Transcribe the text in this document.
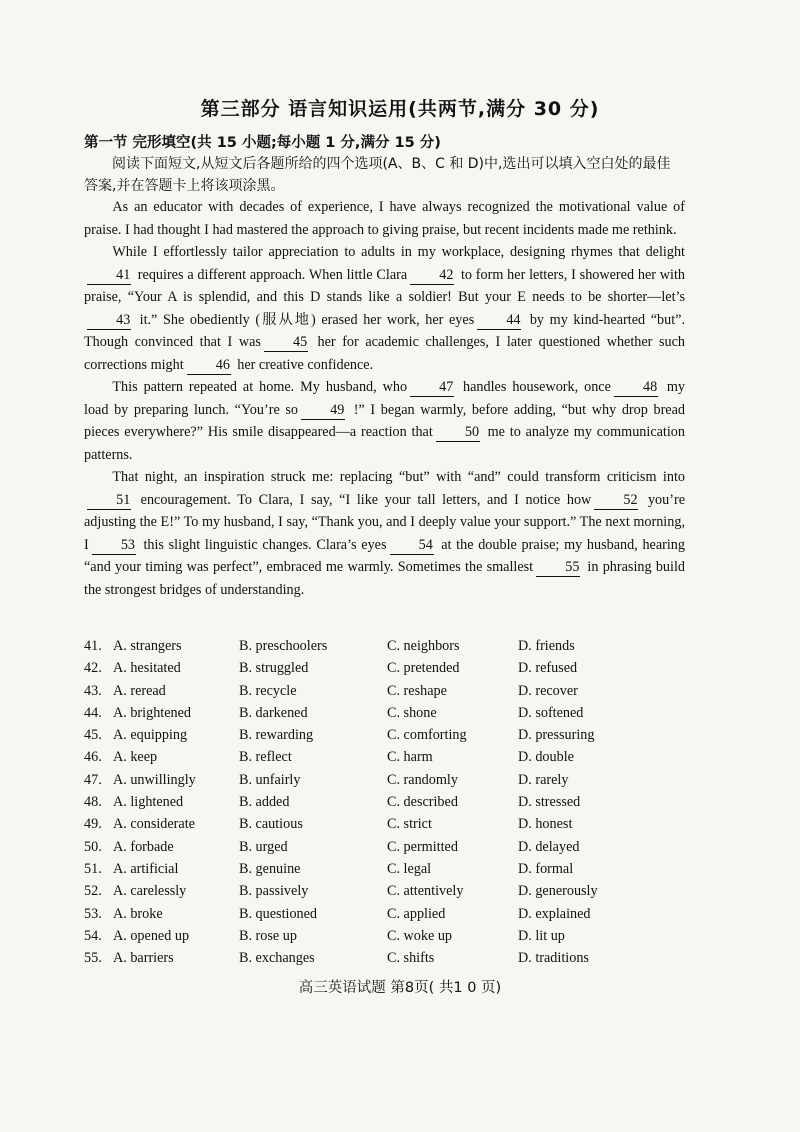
第三部分 语言知识运用(共两节,满分 30 分)
第一节 完形填空(共 15 小题;每小题 1 分,满分 15 分)
阅读下面短文,从短文后各题所给的四个选项(A、B、C 和 D)中,选出可以填入空白处的最佳答案,并在答题卡上将该项涂黑。

As an educator with decades of experience, I have always recognized the motivational value of praise. I had thought I had mastered the approach to giving praise, but recent incidents made me rethink.

While I effortlessly tailor appreciation to adults in my workplace, designing rhymes that delight41 requires a different approach. When little Clara 42 to form her letters, I showered her with praise, “Your A is splendid, and this D stands like a soldier! But your E needs to be shorter—let’s43 it.” She obediently (服从地) erased her work, her eyes 44 by my kind-hearted “but”. Though convinced that I was 45 her for academic challenges, I later questioned whether such corrections might 46 her creative confidence.

This pattern repeated at home. My husband, who 47 handles housework, once 48 my load by preparing lunch. “You’re so 49 !” I began warmly, before adding, “but why drop bread pieces everywhere?” His smile disappeared—a reaction that 50 me to analyze my communication patterns.

That night, an inspiration struck me: replacing “but” with “and” could transform criticism into51 encouragement. To Clara, I say, “I like your tall letters, and I notice how 52 you’re adjusting the E!” To my husband, I say, “Thank you, and I deeply value your support.” The next morning, I 53 this slight linguistic changes. Clara’s eyes 54 at the double praise; my husband, hearing “and your timing was perfect”, embraced me warmly. Sometimes the smallest 55 in phrasing build the strongest bridges of understanding.

41. A. strangers	B. preschoolers	C. neighbors	D. friends
42. A. hesitated	B. struggled	C. pretended	D. refused
43. A. reread	B. recycle	C. reshape	D. recover
44. A. brightened	B. darkened	C. shone	D. softened
45. A. equipping	B. rewarding	C. comforting	D. pressuring
46. A. keep	B. reflect	C. harm	D. double
47. A. unwillingly	B. unfairly	C. randomly	D. rarely
48. A. lightened	B. added	C. described	D. stressed
49. A. considerate	B. cautious	C. strict	D. honest
50. A. forbade	B. urged	C. permitted	D. delayed
51. A. artificial	B. genuine	C. legal	D. formal
52. A. carelessly	B. passively	C. attentively	D. generously
53. A. broke	B. questioned	C. applied	D. explained
54. A. opened up	B. rose up	C. woke up	D. lit up
55. A. barriers	B. exchanges	C. shifts	D. traditions
高三英语试题 第8页( 共1 0 页)
